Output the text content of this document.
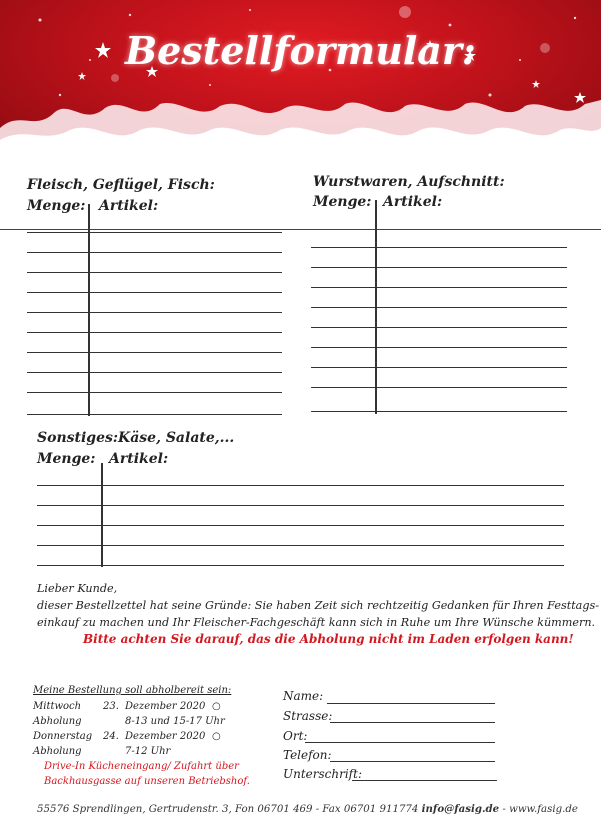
Bestellformular:
Fleisch, Geflügel, Fisch:
Menge: Artikel:
Wurstwaren, Aufschnitt:
Menge: Artikel:
Sonstiges:Käse, Salate,...
Menge: Artikel:
Lieber Kunde,
dieser Bestellzettel hat seine Gründe: Sie haben Zeit sich rechtzeitig Gedanken für Ihren Festtags-
einkauf zu machen und Ihr Fleischer-Fachgeschäft kann sich in Ruhe um Ihre Wünsche kümmern.
Bitte achten Sie darauf, das die Abholung nicht im Laden erfolgen kann!
Meine Bestellung soll abholbereit sein:
Mittwoch 23. Dezember 2020 ○
Abholung	8-13 und 15-17 Uhr
Donnerstag 24. Dezember 2020 ○
Abholung	7-12 Uhr
Drive-In Kücheneingang/ Zufahrt über
Backhausgasse auf unseren Betriebshof.
Name:
Strasse:
Ort:
Telefon:
Unterschrift:
55576 Sprendlingen, Gertrudenstr. 3, Fon 06701 469 - Fax 06701 911774 info@fasig.de - www.fasig.de
